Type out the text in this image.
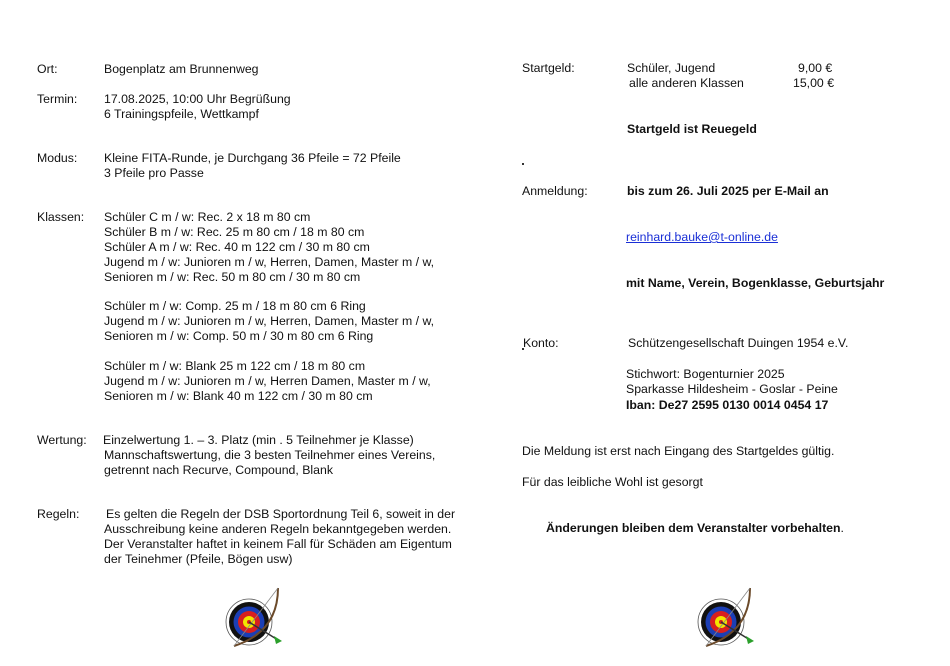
Ort:	Bogenplatz am Brunnenweg
Termin: 17.08.2025, 10:00 Uhr Begrüßung
6 Trainingspfeile, Wettkampf
Modus: Kleine FITA-Runde, je Durchgang 36 Pfeile = 72 Pfeile
3 Pfeile pro Passe
Klassen: Schüler C m / w: Rec. 2 x 18 m 80 cm
Schüler B m / w: Rec. 25 m 80 cm / 18 m 80 cm
Schüler A m / w: Rec. 40 m 122 cm / 30 m 80 cm
Jugend m / w: Junioren m / w, Herren, Damen, Master m / w,
Senioren m / w: Rec. 50 m 80 cm / 30 m 80 cm
Schüler m / w: Comp. 25 m / 18 m 80 cm 6 Ring
Jugend m / w: Junioren m / w, Herren, Damen, Master m / w,
Senioren m / w: Comp. 50 m / 30 m 80 cm 6 Ring
Schüler m / w: Blank 25 m 122 cm / 18 m 80 cm
Jugend m / w: Junioren m / w, Herren Damen, Master m / w,
Senioren m / w: Blank 40 m 122 cm / 30 m 80 cm
Wertung: Einzelwertung 1. – 3. Platz (min . 5 Teilnehmer je Klasse)
Mannschaftswertung, die 3 besten Teilnehmer eines Vereins,
getrennt nach Recurve, Compound, Blank
Regeln: Es gelten die Regeln der DSB Sportordnung Teil 6, soweit in der
Ausschreibung keine anderen Regeln bekanntgegeben werden.
Der Veranstalter haftet in keinem Fall für Schäden am Eigentum
der Teinehmer (Pfeile, Bögen usw)
Startgeld:	Schüler, Jugend	9,00 €
alle anderen Klassen	15,00 €
Startgeld ist Reuegeld
Anmeldung:	bis zum 26. Juli 2025 per E-Mail an
reinhard.bauke@t-online.de
mit Name, Verein, Bogenklasse, Geburtsjahr
Konto:	Schützengesellschaft Duingen 1954 e.V.
Stichwort: Bogenturnier 2025
Sparkasse Hildesheim - Goslar - Peine
Iban: De27 2595 0130 0014 0454 17
Die Meldung ist erst nach Eingang des Startgeldes gültig.
Für das leibliche Wohl ist gesorgt
Änderungen bleiben dem Veranstalter vorbehalten.
